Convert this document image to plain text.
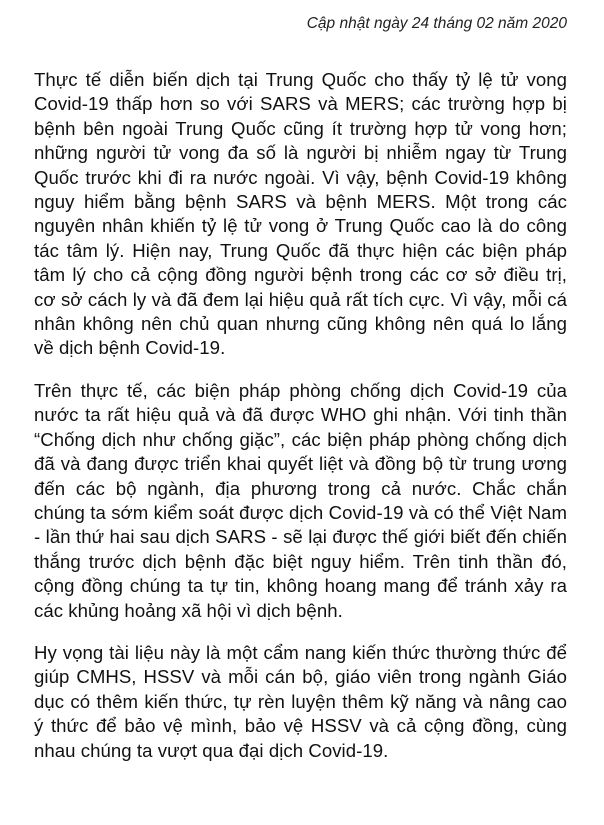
Cập nhật ngày 24 tháng 02 năm 2020

Thực tế diễn biến dịch tại Trung Quốc cho thấy tỷ lệ tử vong Covid-19 thấp hơn so với SARS và MERS; các trường hợp bị bệnh bên ngoài Trung Quốc cũng ít trường hợp tử vong hơn; những người tử vong đa số là người bị nhiễm ngay từ Trung Quốc trước khi đi ra nước ngoài. Vì vậy, bệnh Covid-19 không nguy hiểm bằng bệnh SARS và bệnh MERS. Một trong các nguyên nhân khiến tỷ lệ tử vong ở Trung Quốc cao là do công tác tâm lý. Hiện nay, Trung Quốc đã thực hiện các biện pháp tâm lý cho cả cộng đồng người bệnh trong các cơ sở điều trị, cơ sở cách ly và đã đem lại hiệu quả rất tích cực. Vì vậy, mỗi cá nhân không nên chủ quan nhưng cũng không nên quá lo lắng về dịch bệnh Covid-19.

Trên thực tế, các biện pháp phòng chống dịch Covid-19 của nước ta rất hiệu quả và đã được WHO ghi nhận. Với tinh thần “Chống dịch như chống giặc”, các biện pháp phòng chống dịch đã và đang được triển khai quyết liệt và đồng bộ từ trung ương đến các bộ ngành, địa phương trong cả nước. Chắc chắn chúng ta sớm kiểm soát được dịch Covid-19 và có thể Việt Nam - lần thứ hai sau dịch SARS - sẽ lại được thế giới biết đến chiến thắng trước dịch bệnh đặc biệt nguy hiểm. Trên tinh thần đó, cộng đồng chúng ta tự tin, không hoang mang để tránh xảy ra các khủng hoảng xã hội vì dịch bệnh.

Hy vọng tài liệu này là một cẩm nang kiến thức thường thức để giúp CMHS, HSSV và mỗi cán bộ, giáo viên trong ngành Giáo dục có thêm kiến thức, tự rèn luyện thêm kỹ năng và nâng cao ý thức để bảo vệ mình, bảo vệ HSSV và cả cộng đồng, cùng nhau chúng ta vượt qua đại dịch Covid-19.
